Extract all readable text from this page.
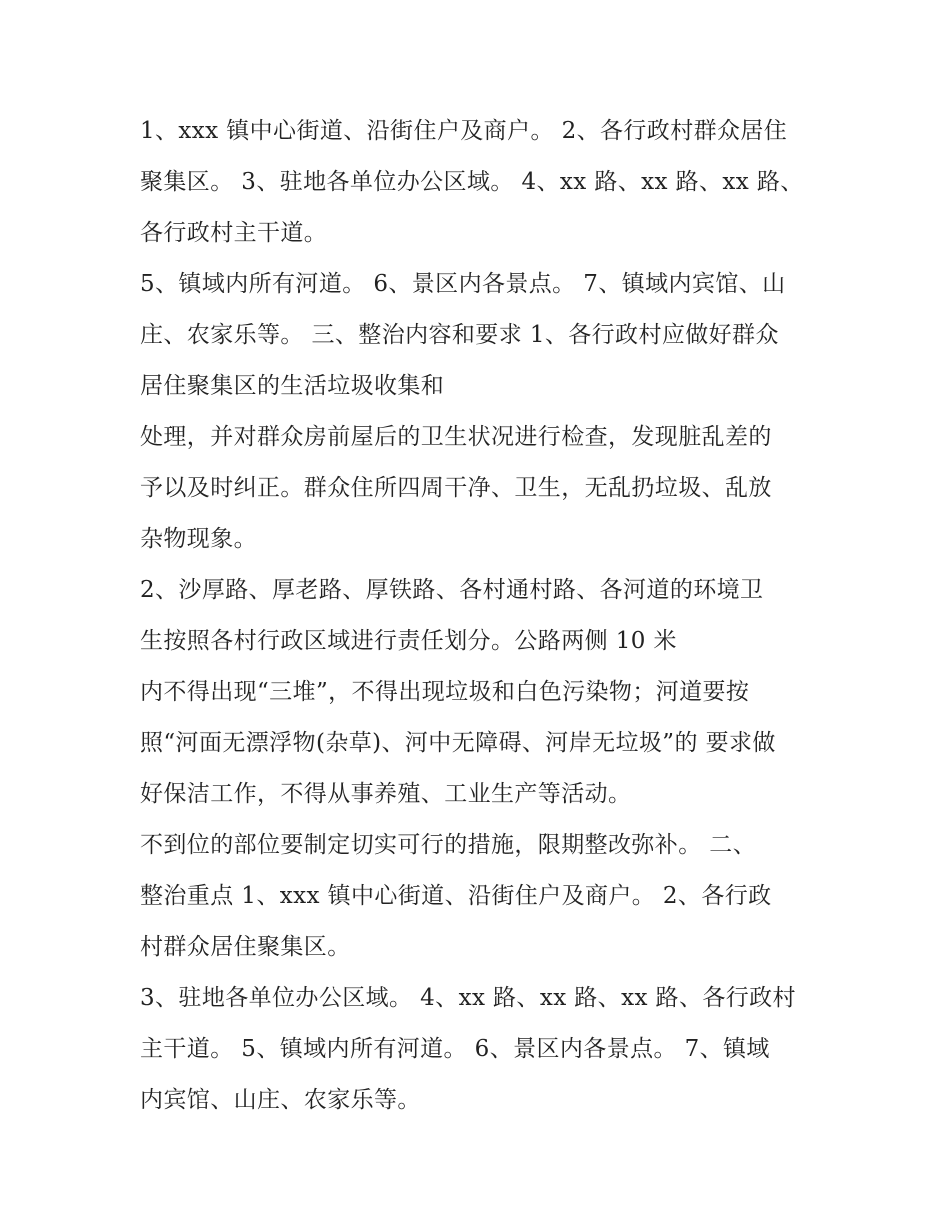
1、xxx 镇中心街道、沿街住户及商户。 2、各行政村群众居住
聚集区。 3、驻地各单位办公区域。 4、xx 路、xx 路、xx 路、
各行政村主干道。
5、镇域内所有河道。 6、景区内各景点。 7、镇域内宾馆、山
庄、农家乐等。 三、整治内容和要求 1、各行政村应做好群众
居住聚集区的生活垃圾收集和
处理，并对群众房前屋后的卫生状况进行检查，发现脏乱差的
予以及时纠正。群众住所四周干净、卫生，无乱扔垃圾、乱放
杂物现象。
2、沙厚路、厚老路、厚铁路、各村通村路、各河道的环境卫
生按照各村行政区域进行责任划分。公路两侧 10 米
内不得出现“三堆”，不得出现垃圾和白色污染物；河道要按
照“河面无漂浮物(杂草)、河中无障碍、河岸无垃圾”的 要求做
好保洁工作，不得从事养殖、工业生产等活动。
不到位的部位要制定切实可行的措施，限期整改弥补。 二、
整治重点 1、xxx 镇中心街道、沿街住户及商户。 2、各行政
村群众居住聚集区。
3、驻地各单位办公区域。 4、xx 路、xx 路、xx 路、各行政村
主干道。 5、镇域内所有河道。 6、景区内各景点。 7、镇域
内宾馆、山庄、农家乐等。
